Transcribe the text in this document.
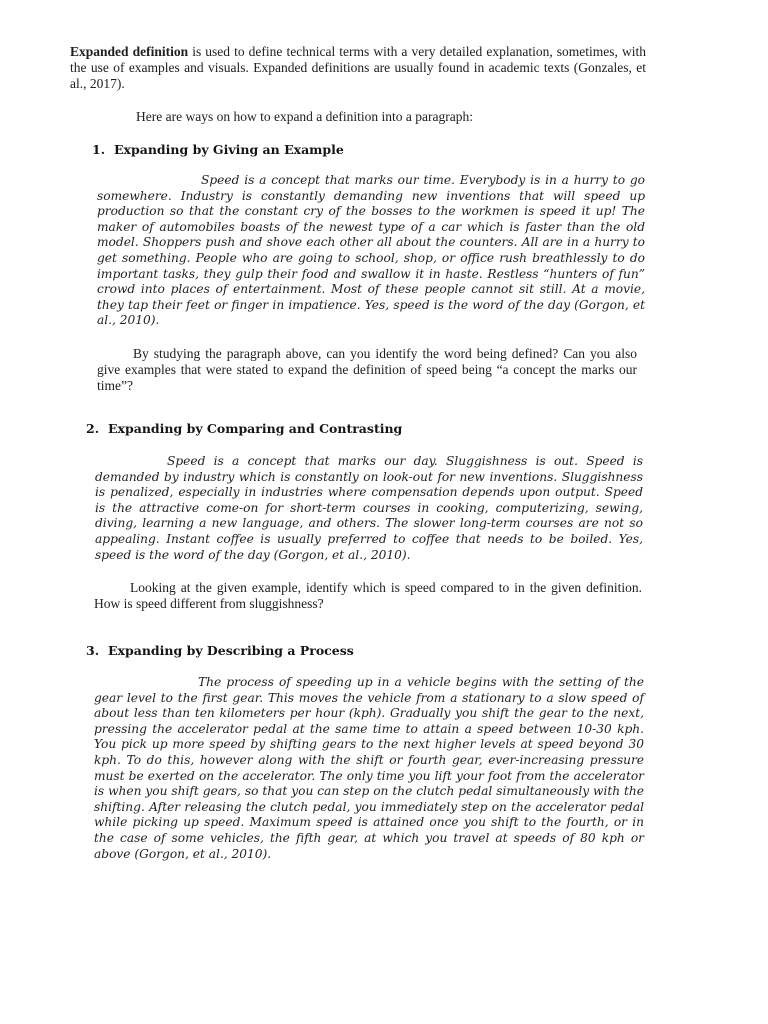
Expanded definition is used to define technical terms with a very detailed explanation, sometimes, with the use of examples and visuals. Expanded definitions are usually found in academic texts (Gonzales, et al., 2017).

Here are ways on how to expand a definition into a paragraph:

1. Expanding by Giving an Example

Speed is a concept that marks our time. Everybody is in a hurry to go somewhere. Industry is constantly demanding new inventions that will speed up production so that the constant cry of the bosses to the workmen is speed it up! The maker of automobiles boasts of the newest type of a car which is faster than the old model. Shoppers push and shove each other all about the counters. All are in a hurry to get something. People who are going to school, shop, or office rush breathlessly to do important tasks, they gulp their food and swallow it in haste. Restless “hunters of fun” crowd into places of entertainment. Most of these people cannot sit still. At a movie, they tap their feet or finger in impatience. Yes, speed is the word of the day (Gorgon, et al., 2010).

By studying the paragraph above, can you identify the word being defined? Can you also give examples that were stated to expand the definition of speed being “a concept the marks our time”?

2. Expanding by Comparing and Contrasting

Speed is a concept that marks our day. Sluggishness is out. Speed is demanded by industry which is constantly on look-out for new inventions. Sluggishness is penalized, especially in industries where compensation depends upon output. Speed is the attractive come-on for short-term courses in cooking, computerizing, sewing, diving, learning a new language, and others. The slower long-term courses are not so appealing. Instant coffee is usually preferred to coffee that needs to be boiled. Yes, speed is the word of the day (Gorgon, et al., 2010).

Looking at the given example, identify which is speed compared to in the given definition. How is speed different from sluggishness?

3. Expanding by Describing a Process

The process of speeding up in a vehicle begins with the setting of the gear level to the first gear. This moves the vehicle from a stationary to a slow speed of about less than ten kilometers per hour (kph). Gradually you shift the gear to the next, pressing the accelerator pedal at the same time to attain a speed between 10-30 kph. You pick up more speed by shifting gears to the next higher levels at speed beyond 30 kph. To do this, however along with the shift or fourth gear, ever-increasing pressure must be exerted on the accelerator. The only time you lift your foot from the accelerator is when you shift gears, so that you can step on the clutch pedal simultaneously with the shifting. After releasing the clutch pedal, you immediately step on the accelerator pedal while picking up speed. Maximum speed is attained once you shift to the fourth, or in the case of some vehicles, the fifth gear, at which you travel at speeds of 80 kph or above (Gorgon, et al., 2010).
